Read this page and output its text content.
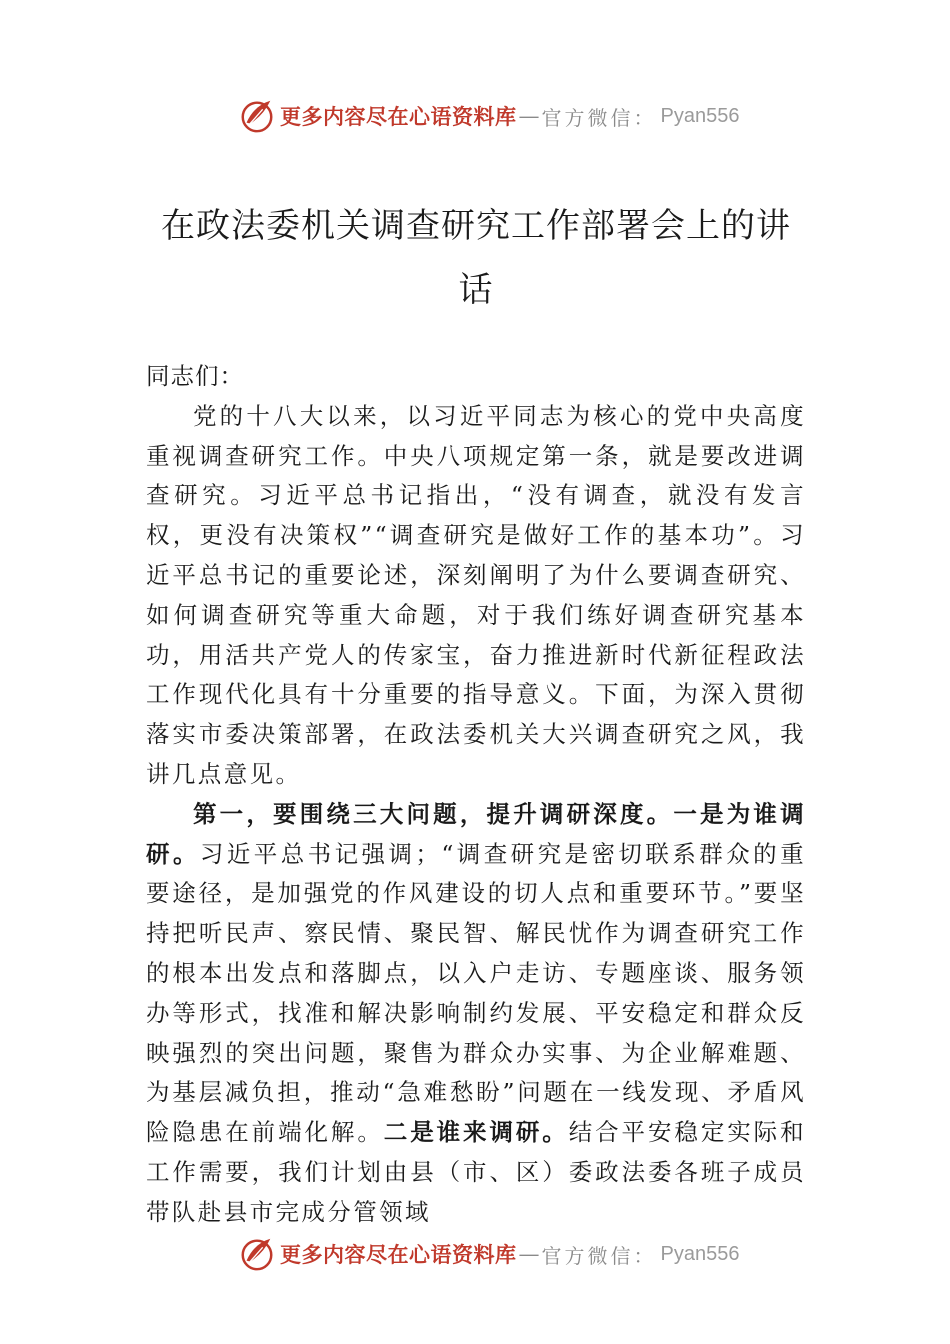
更多内容尽在心语资料库 — 官方微信： Pyan556
在政法委机关调查研究工作部署会上的讲
话

同志们：

党的十八大以来，以习近平同志为核心的党中央高度重视调查研究工作。中央八项规定第一条，就是要改进调查研究。习近平总书记指出，“没有调查，就没有发言权，更没有决策权”“调查研究是做好工作的基本功”。习近平总书记的重要论述，深刻阐明了为什么要调查研究、如何调查研究等重大命题，对于我们练好调查研究基本功，用活共产党人的传家宝，奋力推进新时代新征程政法工作现代化具有十分重要的指导意义。下面，为深入贯彻落实市委决策部署，在政法委机关大兴调查研究之风，我讲几点意见。

第一，要围绕三大问题，提升调研深度。一是为谁调研。习近平总书记强调；“调查研究是密切联系群众的重要途径，是加强党的作风建设的切人点和重要环节。”要坚持把听民声、察民情、聚民智、解民忧作为调查研究工作的根本出发点和落脚点，以入户走访、专题座谈、服务领办等形式，找准和解决影响制约发展、平安稳定和群众反映强烈的突出问题，聚售为群众办实事、为企业解难题、为基层减负担，推动“急难愁盼”问题在一线发现、矛盾风险隐患在前端化解。二是谁来调研。结合平安稳定实际和工作需要，我们计划由县（市、区）委政法委各班子成员带队赴县市完成分管领域

更多内容尽在心语资料库 — 官方微信： Pyan556
